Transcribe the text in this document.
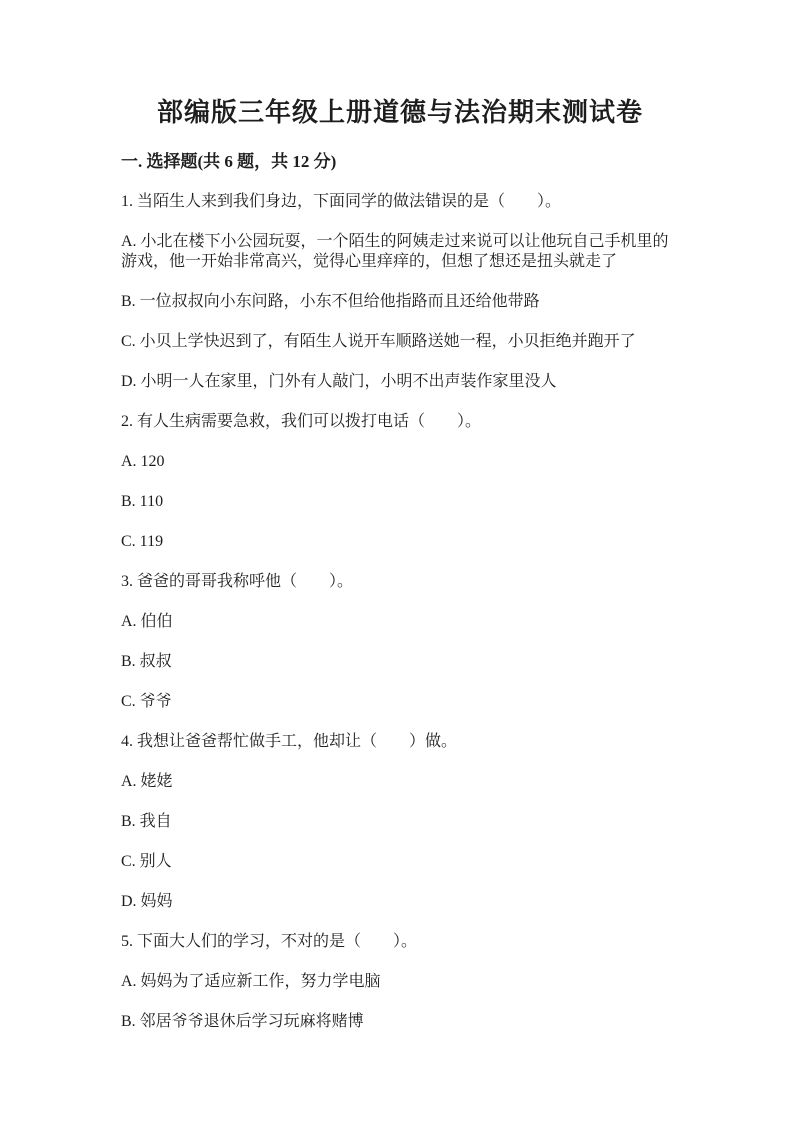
部编版三年级上册道德与法治期末测试卷

一. 选择题(共 6 题，共 12 分)

1. 当陌生人来到我们身边，下面同学的做法错误的是（　　）。

A. 小北在楼下小公园玩耍，一个陌生的阿姨走过来说可以让他玩自己手机里的游戏，他一开始非常高兴，觉得心里痒痒的，但想了想还是扭头就走了

B. 一位叔叔向小东问路，小东不但给他指路而且还给他带路

C. 小贝上学快迟到了，有陌生人说开车顺路送她一程，小贝拒绝并跑开了

D. 小明一人在家里，门外有人敲门，小明不出声装作家里没人

2. 有人生病需要急救，我们可以拨打电话（　　）。

A. 120

B. 110

C. 119

3. 爸爸的哥哥我称呼他（　　）。

A. 伯伯

B. 叔叔

C. 爷爷

4. 我想让爸爸帮忙做手工，他却让（　　）做。

A. 姥姥

B. 我自

C. 别人

D. 妈妈

5. 下面大人们的学习，不对的是（　　）。

A. 妈妈为了适应新工作，努力学电脑

B. 邻居爷爷退休后学习玩麻将赌博
